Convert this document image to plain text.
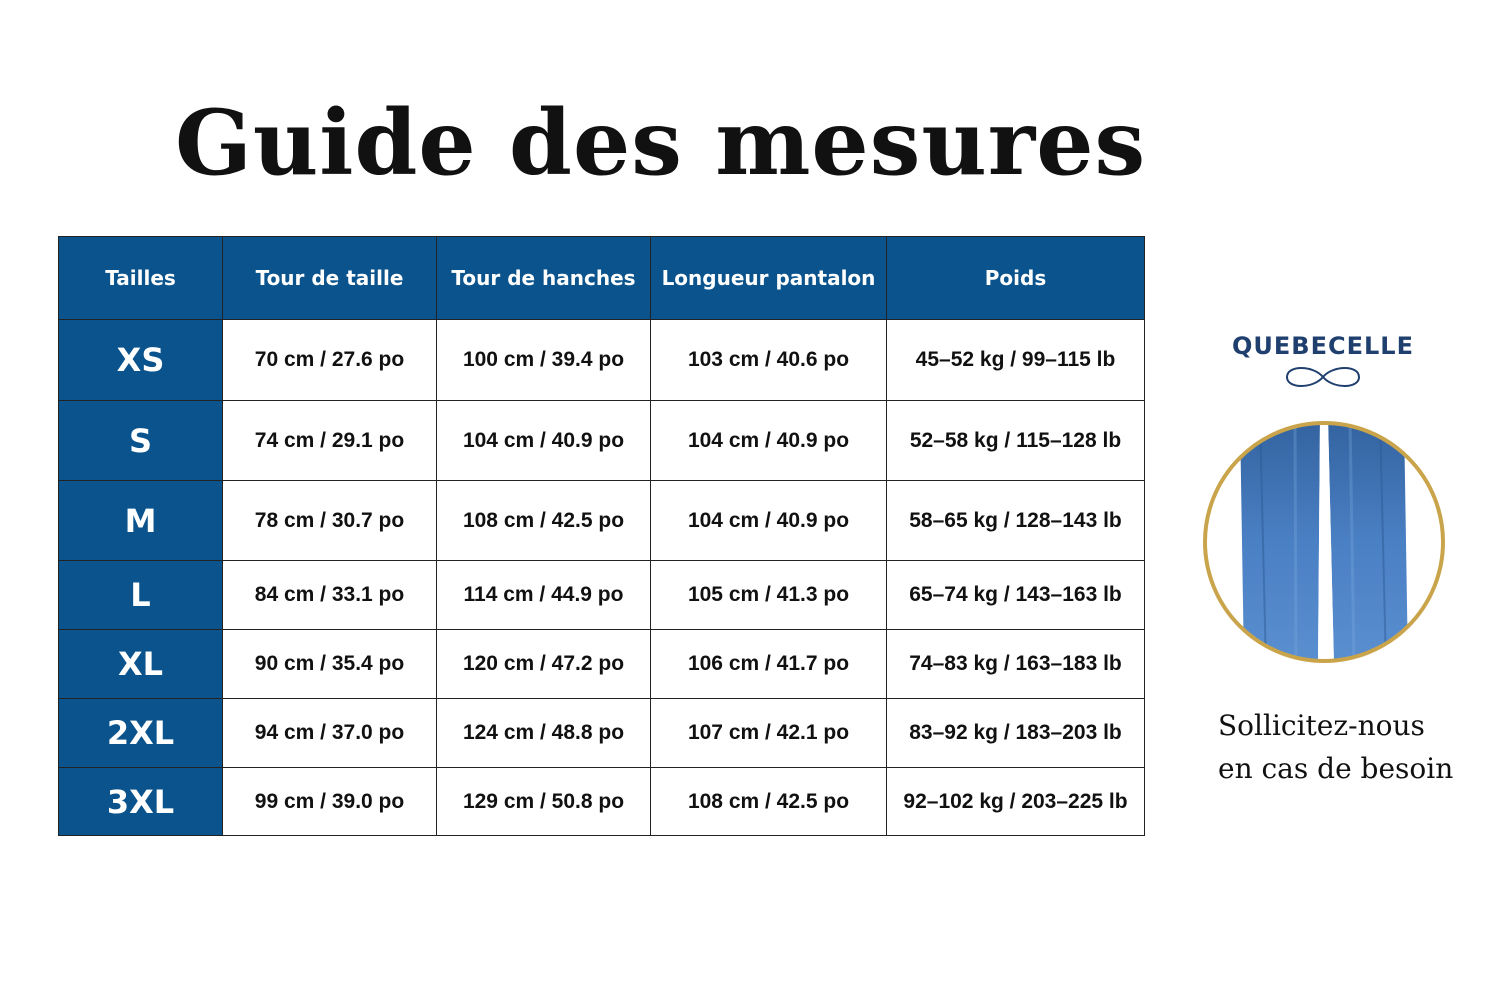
Guide des mesures
Tailles	Tour de taille	Tour de hanches	Longueur pantalon	Poids
XS	70 cm / 27.6 po	100 cm / 39.4 po	103 cm / 40.6 po	45–52 kg / 99–115 lb
S	74 cm / 29.1 po	104 cm / 40.9 po	104 cm / 40.9 po	52–58 kg / 115–128 lb
M	78 cm / 30.7 po	108 cm / 42.5 po	104 cm / 40.9 po	58–65 kg / 128–143 lb
L	84 cm / 33.1 po	114 cm / 44.9 po	105 cm / 41.3 po	65–74 kg / 143–163 lb
XL	90 cm / 35.4 po	120 cm / 47.2 po	106 cm / 41.7 po	74–83 kg / 163–183 lb
2XL	94 cm / 37.0 po	124 cm / 48.8 po	107 cm / 42.1 po	83–92 kg / 183–203 lb
3XL	99 cm / 39.0 po	129 cm / 50.8 po	108 cm / 42.5 po	92–102 kg / 203–225 lb
QUEBECELLE

Sollicitez-nous
en cas de besoin
